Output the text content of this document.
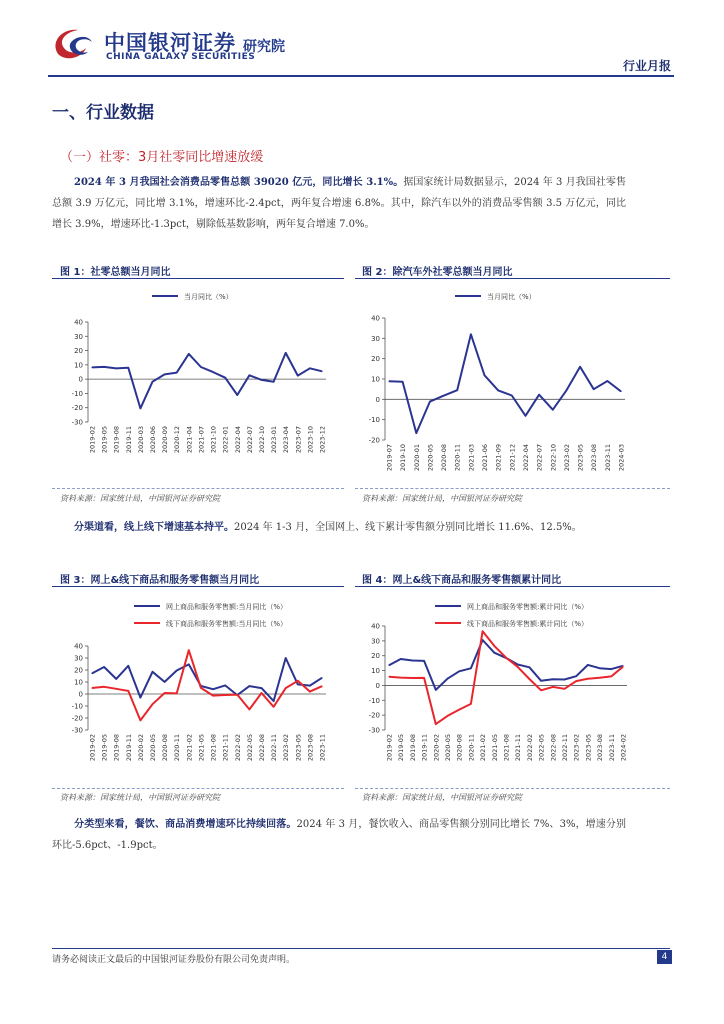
中国银河证券
CHINA GALAXY SECURITIES
研究院
行业月报
一、行业数据
（一）社零：3月社零同比增速放缓
2024 年 3 月我国社会消费品零售总额 39020 亿元，同比增长 3.1%。据国家统计局数据显示，2024 年 3 月我国社零售总额 3.9 万亿元，同比增 3.1%，增速环比-2.4pct，两年复合增速 6.8%。其中，除汽车以外的消费品零售额 3.5 万亿元，同比增长 3.9%，增速环比-1.3pct，剔除低基数影响，两年复合增速 7.0%。
图 1：社零总额当月同比	图 2：除汽车外社零总额当月同比
当月同比（%）
-30
-20
-10
0
10
20
30
40
2019-02 2019-05 2019-08 2019-11 2020-03 2020-06 2020-09 2020-12 2021-04 2021-07 2021-10 2022-01 2022-04 2022-07 2022-10 2023-01 2023-04 2023-07 2023-10 2023-12
当月同比（%）
-20
-10
0
10
20
30
40
2019-07 2019-10 2020-01 2020-05 2020-08 2020-11 2021-03 2021-06 2021-09 2021-12 2022-04 2022-07 2022-10 2023-02 2023-05 2023-08 2023-11 2024-03
资料来源：国家统计局，中国银河证券研究院	资料来源：国家统计局，中国银河证券研究院
分渠道看，线上线下增速基本持平。2024 年 1-3 月，全国网上、线下累计零售额分别同比增长 11.6%、12.5%。
图 3：网上&线下商品和服务零售额当月同比	图 4：网上&线下商品和服务零售额累计同比
网上商品和服务零售额:当月同比（%）
线下商品和服务零售额:当月同比（%）
-30
-20
-10
0
10
20
30
40
2019-02 2019-05 2019-08 2019-11 2020-02 2020-05 2020-08 2020-11 2021-02 2021-05 2021-08 2021-11 2022-02 2022-05 2022-08 2022-11 2023-02 2023-05 2023-08 2023-11
网上商品和服务零售额:累计同比（%）
线下商品和服务零售额:累计同比（%）
-30
-20
-10
0
10
20
30
40
2019-02 2019-05 2019-08 2019-11 2020-02 2020-05 2020-08 2020-11 2021-02 2021-05 2021-08 2021-11 2022-02 2022-05 2022-08 2022-11 2023-02 2023-05 2023-08 2023-11 2024-02
资料来源：国家统计局，中国银河证券研究院	资料来源：国家统计局，中国银河证券研究院
分类型来看，餐饮、商品消费增速环比持续回落。2024 年 3 月，餐饮收入、商品零售额分别同比增长 7%、3%，增速分别环比-5.6pct、-1.9pct。
请务必阅读正文最后的中国银河证券股份有限公司免责声明。	4
